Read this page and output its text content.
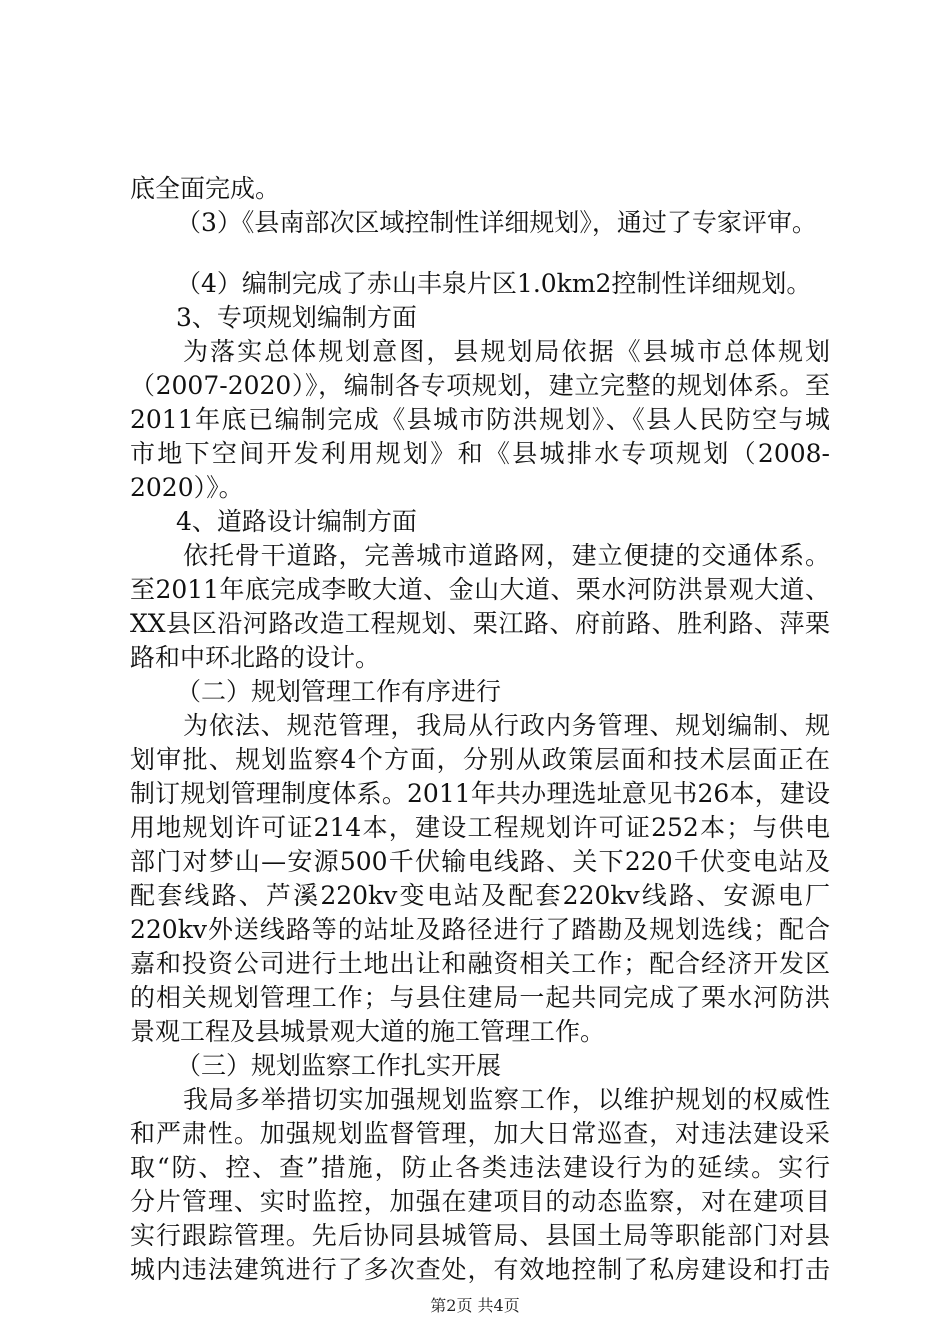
底全面完成。
（3）《县南部次区域控制性详细规划》，通过了专家评审。
（4）编制完成了赤山丰泉片区1.0km2控制性详细规划。
3、专项规划编制方面
为落实总体规划意图，县规划局依据《县城市总体规划
（2007-2020）》，编制各专项规划，建立完整的规划体系。至
2011年底已编制完成《县城市防洪规划》、《县人民防空与城
市地下空间开发利用规划》和《县城排水专项规划（2008-
2020）》。
4、道路设计编制方面
依托骨干道路，完善城市道路网，建立便捷的交通体系。
至2011年底完成李畋大道、金山大道、栗水河防洪景观大道、
XX县区沿河路改造工程规划、栗江路、府前路、胜利路、萍栗
路和中环北路的设计。
（二）规划管理工作有序进行
为依法、规范管理，我局从行政内务管理、规划编制、规
划审批、规划监察4个方面，分别从政策层面和技术层面正在
制订规划管理制度体系。2011年共办理选址意见书26本，建设
用地规划许可证214本，建设工程规划许可证252本；与供电
部门对梦山—安源500千伏输电线路、关下220千伏变电站及
配套线路、芦溪220kv变电站及配套220kv线路、安源电厂
220kv外送线路等的站址及路径进行了踏勘及规划选线；配合
嘉和投资公司进行土地出让和融资相关工作；配合经济开发区
的相关规划管理工作；与县住建局一起共同完成了栗水河防洪
景观工程及县城景观大道的施工管理工作。
（三）规划监察工作扎实开展
我局多举措切实加强规划监察工作，以维护规划的权威性
和严肃性。加强规划监督管理，加大日常巡查，对违法建设采
取“防、控、查”措施，防止各类违法建设行为的延续。实行
分片管理、实时监控，加强在建项目的动态监察，对在建项目
实行跟踪管理。先后协同县城管局、县国土局等职能部门对县
城内违法建筑进行了多次查处，有效地控制了私房建设和打击
第2页 共4页
